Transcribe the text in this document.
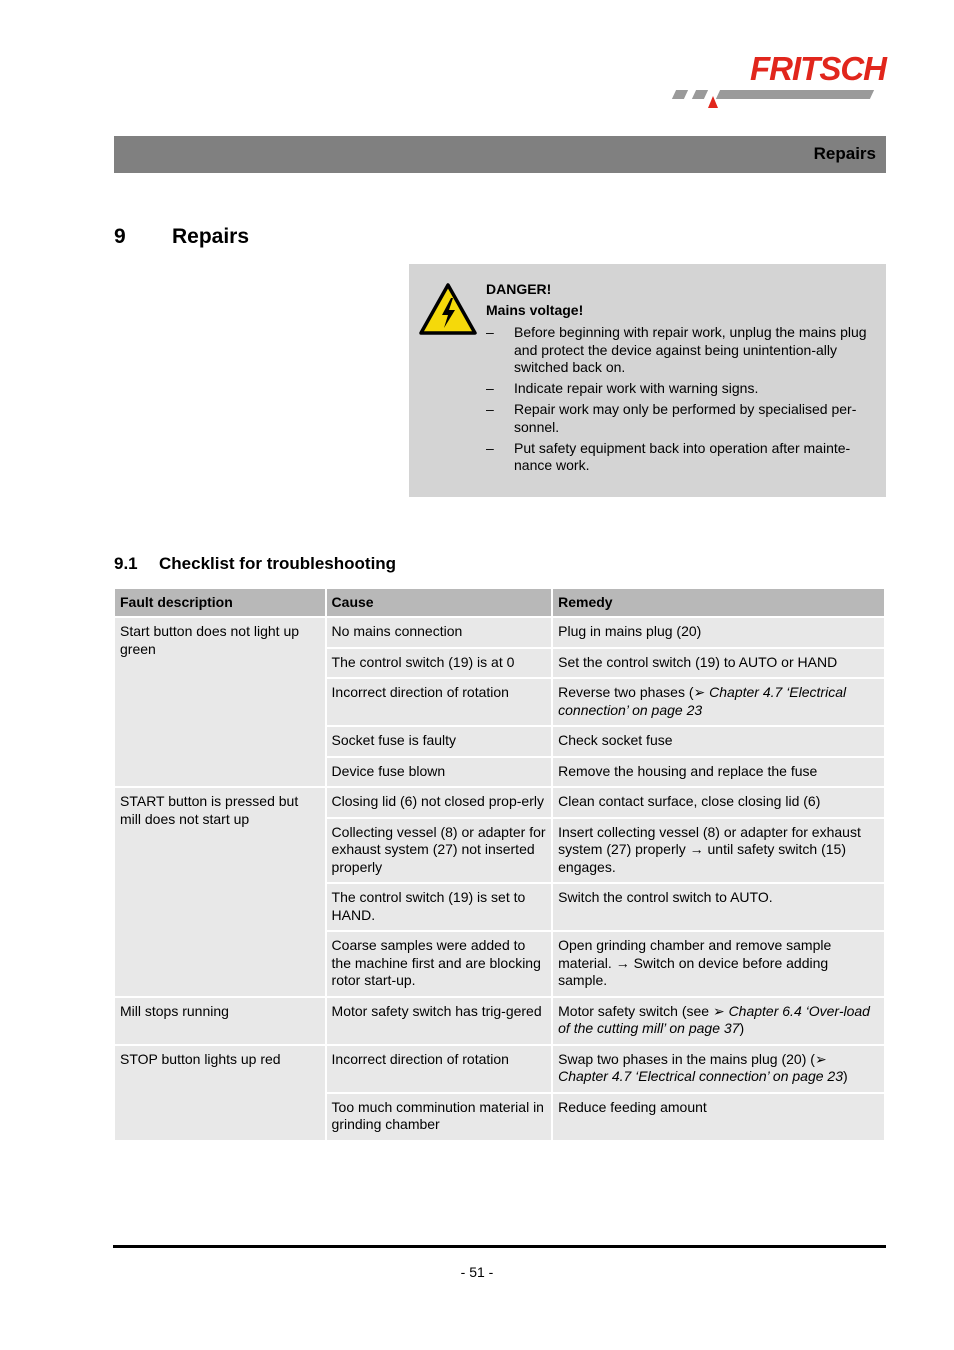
FRITSCH
Repairs
9 Repairs
DANGER!
Mains voltage!
– Before beginning with repair work, unplug the mains plug and protect the device against being unintention-ally switched back on.
– Indicate repair work with warning signs.
– Repair work may only be performed by specialised per-sonnel.
– Put safety equipment back into operation after mainte-nance work.
9.1 Checklist for troubleshooting
Fault description	Cause	Remedy
Start button does not light up green	No mains connection	Plug in mains plug (20)
	The control switch (19) is at 0	Set the control switch (19) to AUTO or HAND
	Incorrect direction of rotation	Reverse two phases (➢ Chapter 4.7 ‘Electrical connection’ on page 23
	Socket fuse is faulty	Check socket fuse
	Device fuse blown	Remove the housing and replace the fuse
START button is pressed but mill does not start up	Closing lid (6) not closed prop-erly	Clean contact surface, close closing lid (6)
	Collecting vessel (8) or adapter for exhaust system (27) not inserted properly	Insert collecting vessel (8) or adapter for exhaust system (27) properly → until safety switch (15) engages.
	The control switch (19) is set to HAND.	Switch the control switch to AUTO.
	Coarse samples were added to the machine first and are blocking rotor start-up.	Open grinding chamber and remove sample material. → Switch on device before adding sample.
Mill stops running	Motor safety switch has trig-gered	Motor safety switch (see ➢ Chapter 6.4 ‘Over-load of the cutting mill’ on page 37)
STOP button lights up red	Incorrect direction of rotation	Swap two phases in the mains plug (20) (➢ Chapter 4.7 ‘Electrical connection’ on page 23)
	Too much comminution material in grinding chamber	Reduce feeding amount
- 51 -
